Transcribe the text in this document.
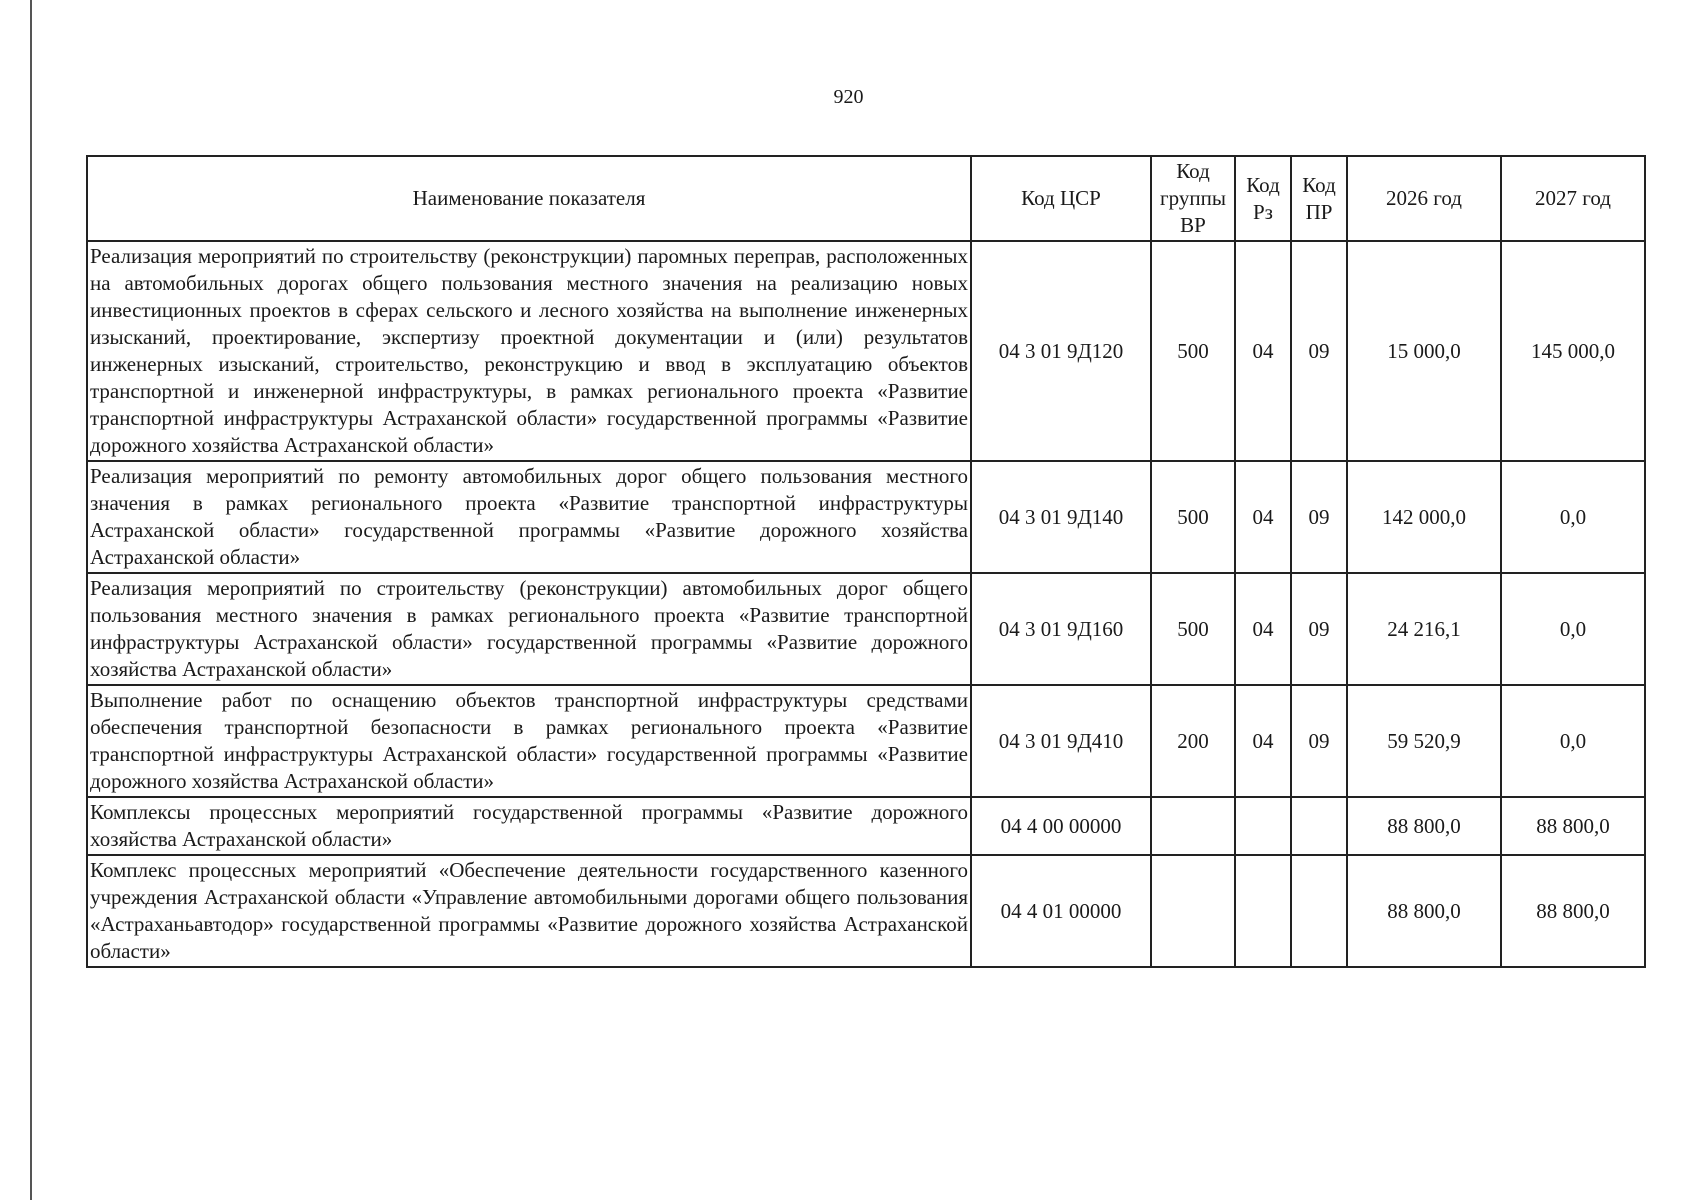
920
Наименование показателя	Код ЦСР	Код группы ВР	Код Рз	Код ПР	2026 год	2027 год
Реализация мероприятий по строительству (реконструкции) паромных переправ, расположенных на автомобильных дорогах общего пользования местного значения на реализацию новых инвестиционных проектов в сферах сельского и лесного хозяйства на выполнение инженерных изысканий, проектирование, экспертизу проектной документации и (или) результатов инженерных изысканий, строительство, реконструкцию и ввод в эксплуатацию объектов транспортной и инженерной инфраструктуры, в рамках регионального проекта «Развитие транспортной инфраструктуры Астраханской области» государственной программы «Развитие дорожного хозяйства Астраханской области»	04 3 01 9Д120	500	04	09	15 000,0	145 000,0
Реализация мероприятий по ремонту автомобильных дорог общего пользования местного значения в рамках регионального проекта «Развитие транспортной инфраструктуры Астраханской области» государственной программы «Развитие дорожного хозяйства Астраханской области»	04 3 01 9Д140	500	04	09	142 000,0	0,0
Реализация мероприятий по строительству (реконструкции) автомобильных дорог общего пользования местного значения в рамках регионального проекта «Развитие транспортной инфраструктуры Астраханской области» государственной программы «Развитие дорожного хозяйства Астраханской области»	04 3 01 9Д160	500	04	09	24 216,1	0,0
Выполнение работ по оснащению объектов транспортной инфраструктуры средствами обеспечения транспортной безопасности в рамках регионального проекта «Развитие транспортной инфраструктуры Астраханской области» государственной программы «Развитие дорожного хозяйства Астраханской области»	04 3 01 9Д410	200	04	09	59 520,9	0,0
Комплексы процессных мероприятий государственной программы «Развитие дорожного хозяйства Астраханской области»	04 4 00 00000				88 800,0	88 800,0
Комплекс процессных мероприятий «Обеспечение деятельности государственного казенного учреждения Астраханской области «Управление автомобильными дорогами общего пользования «Астраханьавтодор» государственной программы «Развитие дорожного хозяйства Астраханской области»	04 4 01 00000				88 800,0	88 800,0
